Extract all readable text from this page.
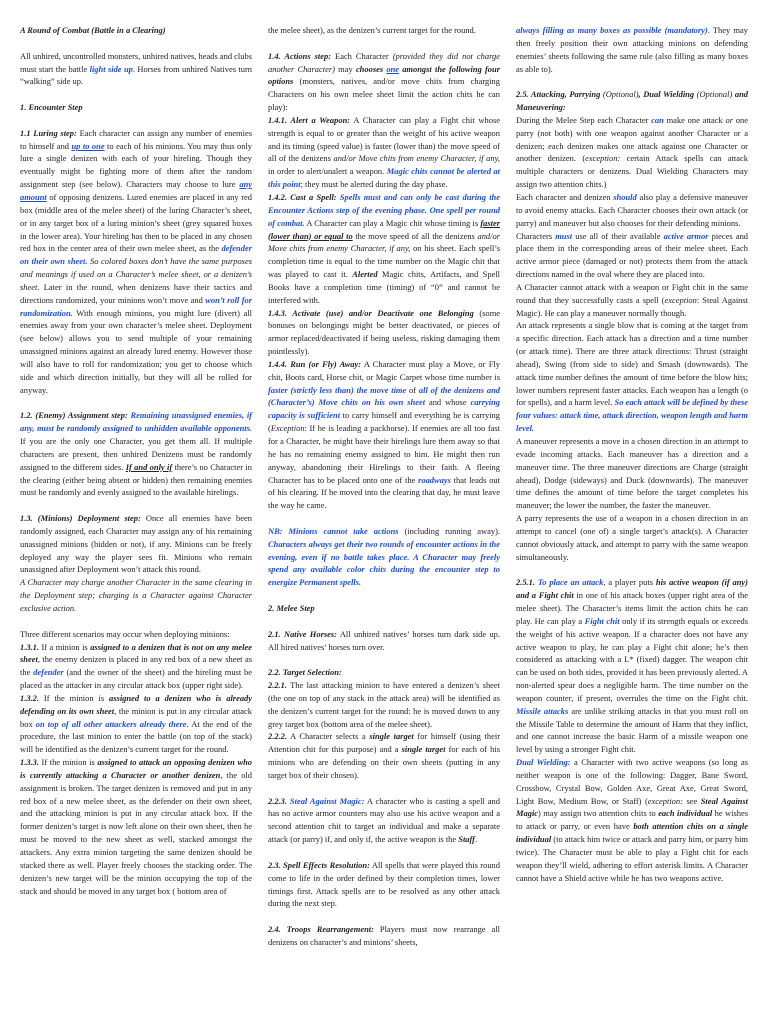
A Round of Combat (Battle in a Clearing)

All unhired, uncontrolled monsters, unhired natives, heads and clubs must start the battle light side up. Horses from unhired Natives turn “walking” side up.

1. Encounter Step

1.1 Luring step: Each character can assign any number of enemies to himself and up to one to each of his minions. You may thus only lure a single denizen with each of your hireling. Though they eventually might be fighting more of them after the random assignment step (see below). Characters may choose to lure any amount of opposing denizens. Lured enemies are placed in any red box (middle area of the melee sheet) of the luring Character’s sheet, or in any target box of a luring minion’s sheet (grey squared boxes in the lower area). Your hireling has then to be placed in any chosen red box in the center area of their own melee sheet, as the defender on their own sheet. So colored boxes don’t have the same purposes and meanings if used on a Character’s melee sheet, or a denizen’s sheet. Later in the round, when denizens have their tactics and directions randomized, your minions won’t move and won’t roll for randomization. With enough minions, you might lure (divert) all enemies away from your own character’s melee sheet. Deployment (see below) allows you to send multiple of your remaining unassigned minions against an already lured enemy. However those will also have to roll for randomization; you get to choose which side and which direction initially, but they will all be rolled for anyway.

1.2. (Enemy) Assignment step: Remaining unassigned enemies, if any, must be randomly assigned to unhidden available opponents. If you are the only one Character, you get them all. If multiple characters are present, then unhired Denizens must be randomly assigned to the different sides. If and only if there’s no Character in the clearing (either being absent or hidden) then remaining enemies must be randomly and evenly assigned to the available hirelings.

1.3. (Minions) Deployment step: Once all enemies have been randomly assigned, each Character may assign any of his remaining unassigned minions (hidden or not), if any. Minions can be freely deployed any way the player sees fit. Minions who remain unassigned after Deployment won’t attack this round.

A Character may charge another Character in the same clearing in the Deployment step; charging is a Character against Character exclusive action.

Three different scenarios may occur when deploying minions:

1.3.1. If a minion is assigned to a denizen that is not on any melee sheet, the enemy denizen is placed in any red box of a new sheet as the defender (and the owner of the sheet) and the hireling must be placed as the attacker in any circular attack box (upper right side).

1.3.2. If the minion is assigned to a denizen who is already defending on its own sheet, the minion is put in any circular attack box on top of all other attackers already there. At the end of the procedure, the last minion to enter the battle (on top of the stack) will be identified as the denizen’s current target for the round.

1.3.3. If the minion is assigned to attack an opposing denizen who is currently attacking a Character or another denizen, the old assignment is broken. The target denizen is removed and put in any red box of a new melee sheet, as the defender on their own sheet, and the attacking minion is put in any circular attack box. If the former denizen’s target is now left alone on their own sheet, then he must be moved to the new sheet as well, stacked amongst the attackers. Any extra minion targeting the same denizen should be stacked there as well. Player freely chooses the stacking order. The denizen’s new target will be the minion occupying the top of the stack and should be moved in any target box ( bottom area of

the melee sheet), as the denizen’s current target for the round.

1.4. Actions step: Each Character (provided they did not charge another Character) may chooses one amongst the following four options (monsters, natives, and/or move chits from charging Characters on his own melee sheet limit the action chits he can play):

1.4.1. Alert a Weapon: A Character can play a Fight chit whose strength is equal to or greater than the weight of his active weapon and its timing (speed value) is faster (lower than) the move speed of all of the denizens and/or Move chits from enemy Character, if any, in order to alert/unalert a weapon. Magic chits cannot be alerted at this point; they must be alerted during the day phase.

1.4.2. Cast a Spell: Spells must and can only be cast during the Encounter Actions step of the evening phase. One spell per round of combat. A Character can play a Magic chit whose timing is faster (lower than) or equal to the move speed of all the denizens and/or Move chits from enemy Character, if any, on his sheet. Each spell’s completion time is equal to the time number on the Magic chit that was played to cast it. Alerted Magic chits, Artifacts, and Spell Books have a completion time (timing) of “0” and cannot be interfered with.

1.4.3. Activate (use) and/or Deactivate one Belonging (some bonuses on belongings might be better deactivated, or pieces of armor replaced/deactivated if being useless, risking damaging them pointlessly).

1.4.4. Run (or Fly) Away: A Character must play a Move, or Fly chit, Boots card, Horse chit, or Magic Carpet whose time number is faster (strictly less than) the move time of all of the denizens and (Character’s) Move chits on his own sheet and whose carrying capacity is sufficient to carry himself and everything he is carrying (Exception: If he is leading a packhorse). If enemies are all too fast for a Character, he might have their hirelings lure them away so that he has no remaining enemy assigned to him. He might then run anyway, abandoning their Hirelings to their faith. A fleeing Character has to be placed onto one of the roadways that leads out of his clearing. If he moved into the clearing that day, he must leave the way he came.

NB: Minions cannot take actions (including running away). Characters always get their two rounds of encounter actions in the evening, even if no battle takes place. A Character may freely spend any available color chits during the encounter step to energize Permanent spells.

2. Melee Step

2.1. Native Horses: All unhired natives’ horses turn dark side up. All hired natives’ horses turn over.

2.2. Target Selection:

2.2.1. The last attacking minion to have entered a denizen’s sheet (the one on top of any stack in the attack area) will be identified as the denizen’s current target for the round: he is moved down to any grey target box (bottom area of the melee sheet).

2.2.2. A Character selects a single target for himself (using their Attention chit for this purpose) and a single target for each of his minions who are defending on their own sheets (putting in any target box of their chosen).

2.2.3. Steal Against Magic: A character who is casting a spell and has no active armor counters may also use his active weapon and a second attention chit to target an individual and make a separate attack (or parry) if, and only if, the active weapon is the Staff.

2.3. Spell Effects Resolution: All spells that were played this round come to life in the order defined by their completion times, lower timings first. Attack spells are to be resolved as any other attack during the next step.

2.4. Troops Rearrangement: Players must now rearrange all denizens on character’s and minions’ sheets,

always filling as many boxes as possible (mandatory). They may then freely position their own attacking minions on defending enemies’ sheets following the same rule (also filling as many boxes as able to).

2.5. Attacking, Parrying (Optional), Dual Wielding (Optional) and Maneuvering:

During the Melee Step each Character can make one attack or one parry (not both) with one weapon against another Character or a denizen; each denizen makes one attack against one Character or another denizen. (exception: certain Attack spells can attack multiple characters or denizens. Dual Wielding Characters may assign two attention chits.)

Each character and denizen should also play a defensive maneuver to avoid enemy attacks. Each Character chooses their own attack (or parry) and maneuver but also chooses for their defending minions.

Characters must use all of their available active armor pieces and place them in the corresponding areas of their melee sheet. Each active armor piece (damaged or not) protects them from the attack directions named in the oval where they are placed into.

A Character cannot attack with a weapon or Fight chit in the same round that they successfully casts a spell (exception: Steal Against Magic). He can play a maneuver normally though.

An attack represents a single blow that is coming at the target from a specific direction. Each attack has a direction and a time number (or attack time). There are three attack directions: Thrust (straight ahead), Swing (from side to side) and Smash (downwards). The attack time number defines the amount of time before the blow hits; lower numbers represent faster attacks. Each weapon has a length (o for spells), and a harm level. So each attack will be defined by these four values: attack time, attack direction, weapon length and harm level.

A maneuver represents a move in a chosen direction in an attempt to evade incoming attacks. Each maneuver has a direction and a maneuver time. The three maneuver directions are Charge (straight ahead), Dodge (sideways) and Duck (downwards). The maneuver time defines the amount of time before the target completes his maneuver; the lower the number, the faster the maneuver.

A parry represents the use of a weapon in a chosen direction in an attempt to cancel (one of) a single target’s attack(s). A Character cannot obviously attack, and attempt to parry with the same weapon simultaneously.

2.5.1. To place an attack, a player puts his active weapon (if any) and a Fight chit in one of his attack boxes (upper right area of the melee sheet). The Character’s items limit the action chits he can play. He can play a Fight chit only if its strength equals or exceeds the weight of his active weapon. If a character does not have any active weapon to play, he can play a Fight chit alone; he’s then considered as attacking with a L* (fixed) dagger. The weapon chit can be used on both sides, provided it has been previously alerted. A non-alerted spear does a negligible harm. The time number on the weapon counter, if present, overrules the time on the Fight chit. Missile attacks are unlike striking attacks in that you must roll on the Missile Table to determine the amount of Harm that they inflict, and one cannot increase the basic Harm of a missile weapon one level by using a stronger Fight chit.

Dual Wielding: a Character with two active weapons (so long as neither weapon is one of the following: Dagger, Bane Sword, Crossbow, Crystal Bow, Golden Axe, Great Axe, Great Sword, Light Bow, Medium Bow, or Staff) (exception: see Steal Against Magic) may assign two attention chits to each individual he wishes to attack or parry, or even have both attention chits on a single individual (to attack him twice or attack and parry him, or parry him twice). The Character must be able to play a Fight chit for each weapon they’ll wield, adhering to effort asterisk limits. A Character cannot have a Shield active while he has two weapons active.
